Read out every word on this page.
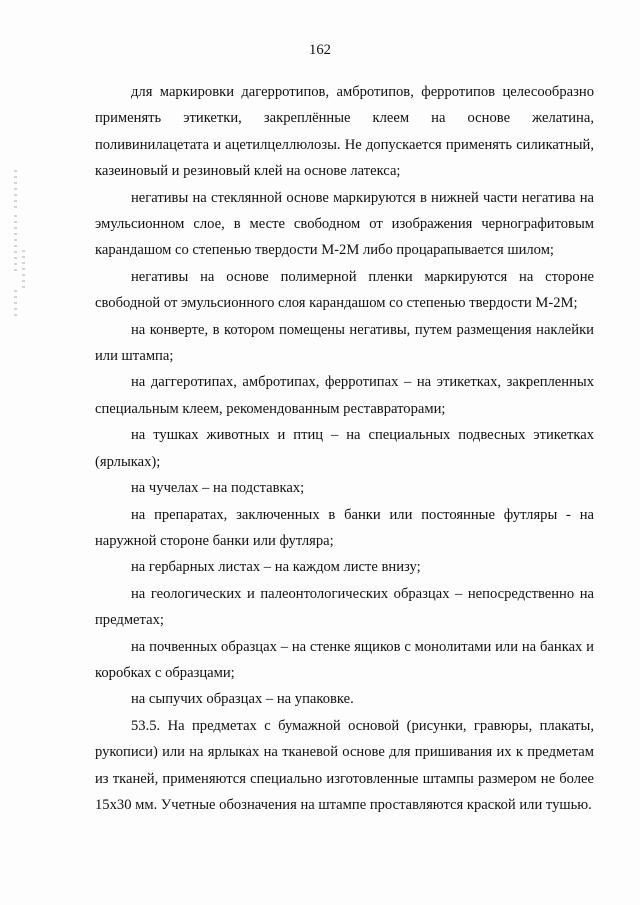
162

для маркировки дагерротипов, амбротипов, ферротипов целесообразно применять этикетки, закреплённые клеем на основе желатина, поливинилацетата и ацетилцеллюлозы. Не допускается применять силикатный, казеиновый и резиновый клей на основе латекса;

негативы на стеклянной основе маркируются в нижней части негатива на эмульсионном слое, в месте свободном от изображения чернографитовым карандашом со степенью твердости М-2М либо процарапывается шилом;

негативы на основе полимерной пленки маркируются на стороне свободной от эмульсионного слоя карандашом со степенью твердости М-2М;

на конверте, в котором помещены негативы, путем размещения наклейки или штампа;

на даггеротипах, амбротипах, ферротипах – на этикетках, закрепленных специальным клеем, рекомендованным реставраторами;

на тушках животных и птиц – на специальных подвесных этикетках (ярлыках);

на чучелах – на подставках;

на препаратах, заключенных в банки или постоянные футляры - на наружной стороне банки или футляра;

на гербарных листах – на каждом листе внизу;

на геологических и палеонтологических образцах – непосредственно на предметах;

на почвенных образцах – на стенке ящиков с монолитами или на банках и коробках с образцами;

на сыпучих образцах – на упаковке.

53.5. На предметах с бумажной основой (рисунки, гравюры, плакаты, рукописи) или на ярлыках на тканевой основе для пришивания их к предметам из тканей, применяются специально изготовленные штампы размером не более 15х30 мм. Учетные обозначения на штампе проставляются краской или тушью.
